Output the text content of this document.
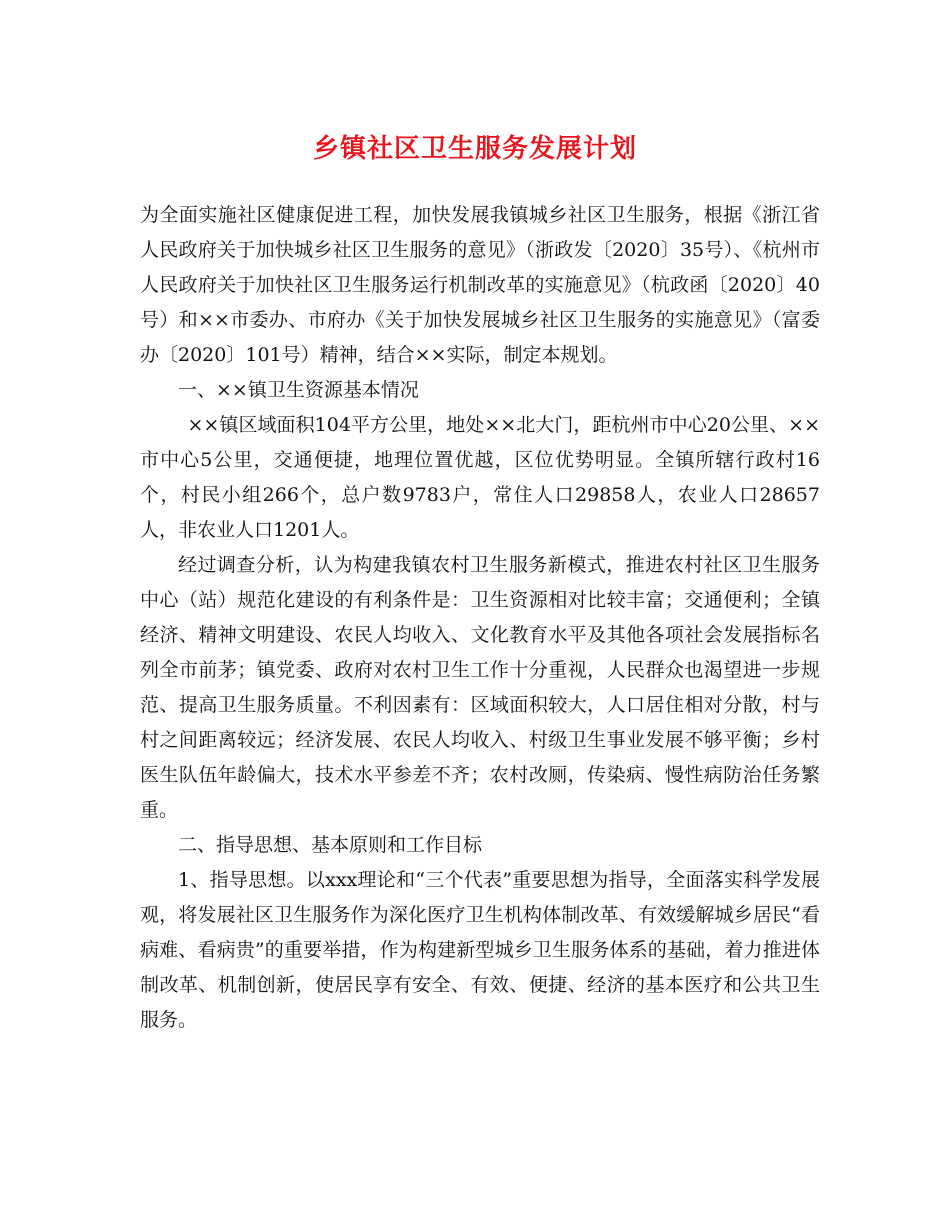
乡镇社区卫生服务发展计划

为全面实施社区健康促进工程，加快发展我镇城乡社区卫生服务，根据《浙江省人民政府关于加快城乡社区卫生服务的意见》（浙政发〔2020〕35号）、《杭州市人民政府关于加快社区卫生服务运行机制改革的实施意见》（杭政函〔2020〕40号）和××市委办、市府办《关于加快发展城乡社区卫生服务的实施意见》（富委办〔2020〕101号）精神，结合××实际，制定本规划。

一、××镇卫生资源基本情况

××镇区域面积104平方公里，地处××北大门，距杭州市中心20公里、××市中心5公里，交通便捷，地理位置优越，区位优势明显。全镇所辖行政村16个，村民小组266个，总户数9783户，常住人口29858人，农业人口28657人，非农业人口1201人。

经过调查分析，认为构建我镇农村卫生服务新模式，推进农村社区卫生服务中心（站）规范化建设的有利条件是：卫生资源相对比较丰富；交通便利；全镇经济、精神文明建设、农民人均收入、文化教育水平及其他各项社会发展指标名列全市前茅；镇党委、政府对农村卫生工作十分重视，人民群众也渴望进一步规范、提高卫生服务质量。不利因素有：区域面积较大，人口居住相对分散，村与村之间距离较远；经济发展、农民人均收入、村级卫生事业发展不够平衡；乡村医生队伍年龄偏大，技术水平参差不齐；农村改厕，传染病、慢性病防治任务繁重。

二、指导思想、基本原则和工作目标

1、指导思想。以xxx理论和“三个代表”重要思想为指导，全面落实科学发展观，将发展社区卫生服务作为深化医疗卫生机构体制改革、有效缓解城乡居民“看病难、看病贵”的重要举措，作为构建新型城乡卫生服务体系的基础，着力推进体制改革、机制创新，使居民享有安全、有效、便捷、经济的基本医疗和公共卫生服务。
